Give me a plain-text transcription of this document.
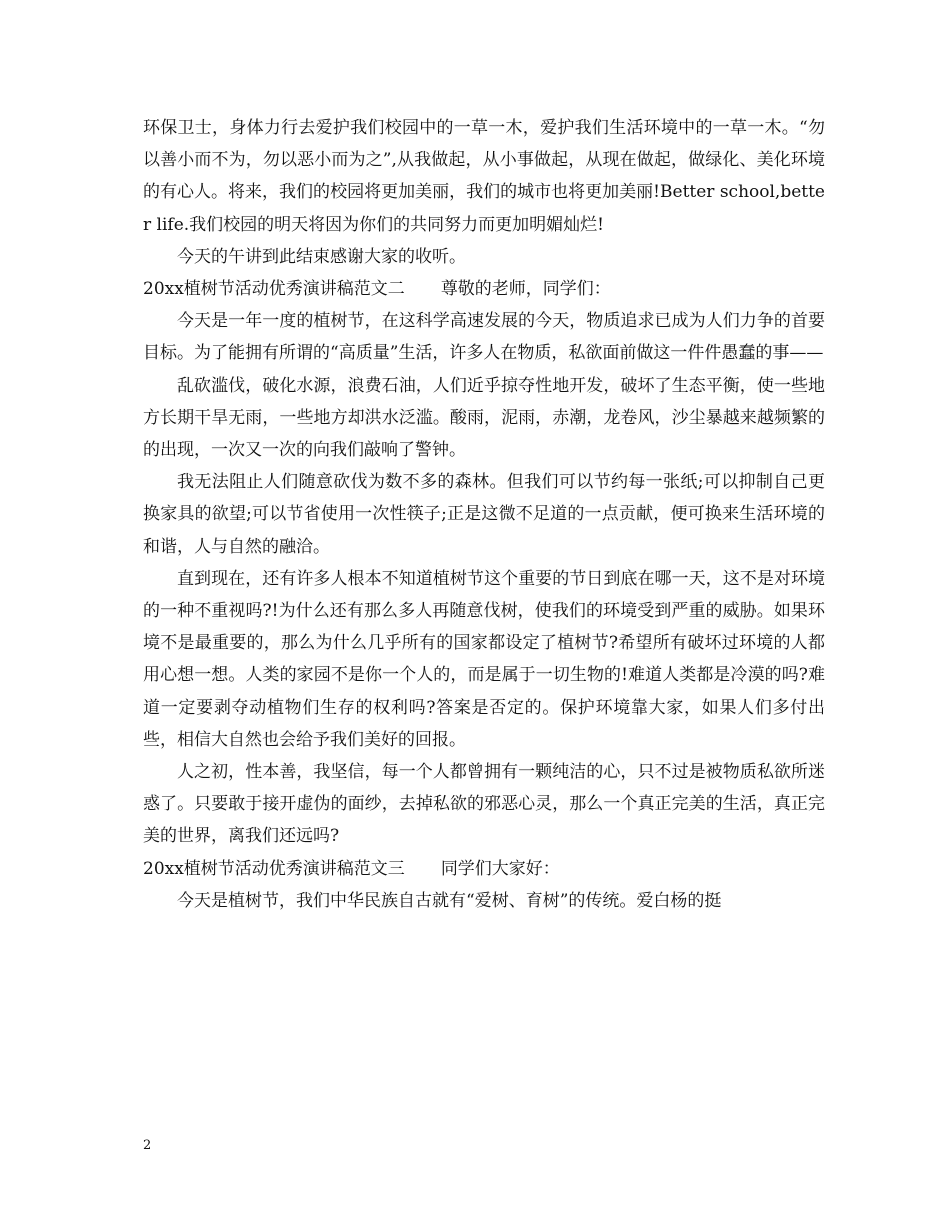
环保卫士，身体力行去爱护我们校园中的一草一木，爱护我们生活环境中的一草一木。“勿以善小而不为，勿以恶小而为之”,从我做起，从小事做起，从现在做起，做绿化、美化环境的有心人。将来，我们的校园将更加美丽，我们的城市也将更加美丽!Better school,better life.我们校园的明天将因为你们的共同努力而更加明媚灿烂!

今天的午讲到此结束感谢大家的收听。

20xx植树节活动优秀演讲稿范文二 尊敬的老师，同学们：

今天是一年一度的植树节，在这科学高速发展的今天，物质追求已成为人们力争的首要目标。为了能拥有所谓的“高质量”生活，许多人在物质，私欲面前做这一件件愚蠢的事——

乱砍滥伐，破化水源，浪费石油，人们近乎掠夺性地开发，破坏了生态平衡，使一些地方长期干旱无雨，一些地方却洪水泛滥。酸雨，泥雨，赤潮，龙卷风，沙尘暴越来越频繁的的出现，一次又一次的向我们敲响了警钟。

我无法阻止人们随意砍伐为数不多的森林。但我们可以节约每一张纸;可以抑制自己更换家具的欲望;可以节省使用一次性筷子;正是这微不足道的一点贡献，便可换来生活环境的和谐，人与自然的融洽。

直到现在，还有许多人根本不知道植树节这个重要的节日到底在哪一天，这不是对环境的一种不重视吗?!为什么还有那么多人再随意伐树，使我们的环境受到严重的威胁。如果环境不是最重要的，那么为什么几乎所有的国家都设定了植树节?希望所有破坏过环境的人都用心想一想。人类的家园不是你一个人的，而是属于一切生物的!难道人类都是冷漠的吗?难道一定要剥夺动植物们生存的权利吗?答案是否定的。保护环境靠大家，如果人们多付出些，相信大自然也会给予我们美好的回报。

人之初，性本善，我坚信，每一个人都曾拥有一颗纯洁的心，只不过是被物质私欲所迷惑了。只要敢于接开虚伪的面纱，去掉私欲的邪恶心灵，那么一个真正完美的生活，真正完美的世界，离我们还远吗?

20xx植树节活动优秀演讲稿范文三 同学们大家好：

今天是植树节，我们中华民族自古就有“爱树、育树”的传统。爱白杨的挺

2
